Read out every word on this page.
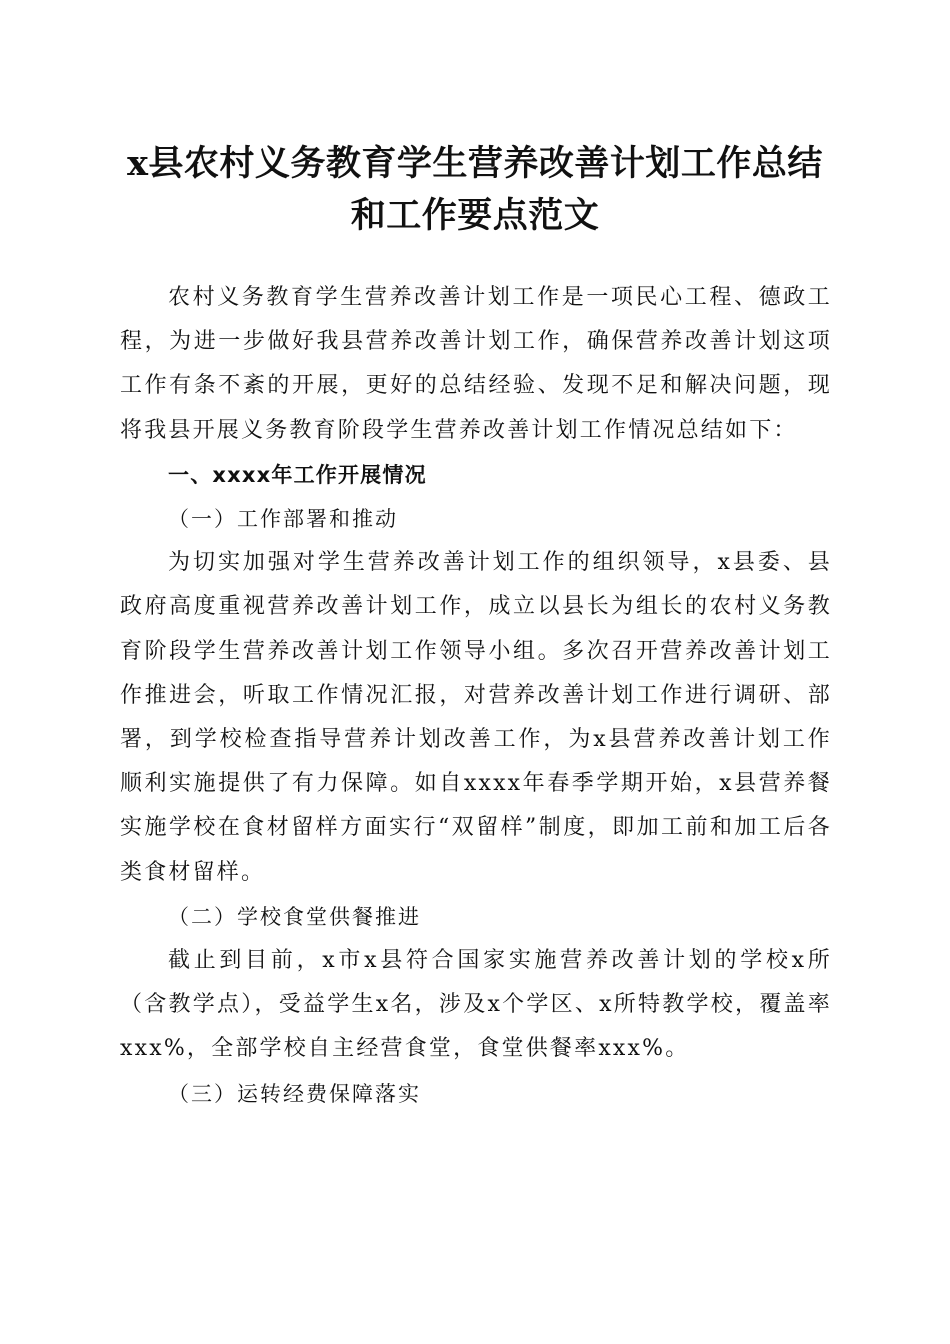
x县农村义务教育学生营养改善计划工作总结
和工作要点范文

农村义务教育学生营养改善计划工作是一项民心工程、德政工程，为进一步做好我县营养改善计划工作，确保营养改善计划这项工作有条不紊的开展，更好的总结经验、发现不足和解决问题，现将我县开展义务教育阶段学生营养改善计划工作情况总结如下：

一、xxxx年工作开展情况

（一）工作部署和推动

为切实加强对学生营养改善计划工作的组织领导，x县委、县政府高度重视营养改善计划工作，成立以县长为组长的农村义务教育阶段学生营养改善计划工作领导小组。多次召开营养改善计划工作推进会，听取工作情况汇报，对营养改善计划工作进行调研、部署，到学校检查指导营养计划改善工作，为x县营养改善计划工作顺利实施提供了有力保障。如自xxxx年春季学期开始，x县营养餐实施学校在食材留样方面实行“双留样”制度，即加工前和加工后各类食材留样。

（二）学校食堂供餐推进

截止到目前，x市x县符合国家实施营养改善计划的学校x所（含教学点），受益学生x名，涉及x个学区、x所特教学校，覆盖率xxx%，全部学校自主经营食堂，食堂供餐率xxx%。

（三）运转经费保障落实
